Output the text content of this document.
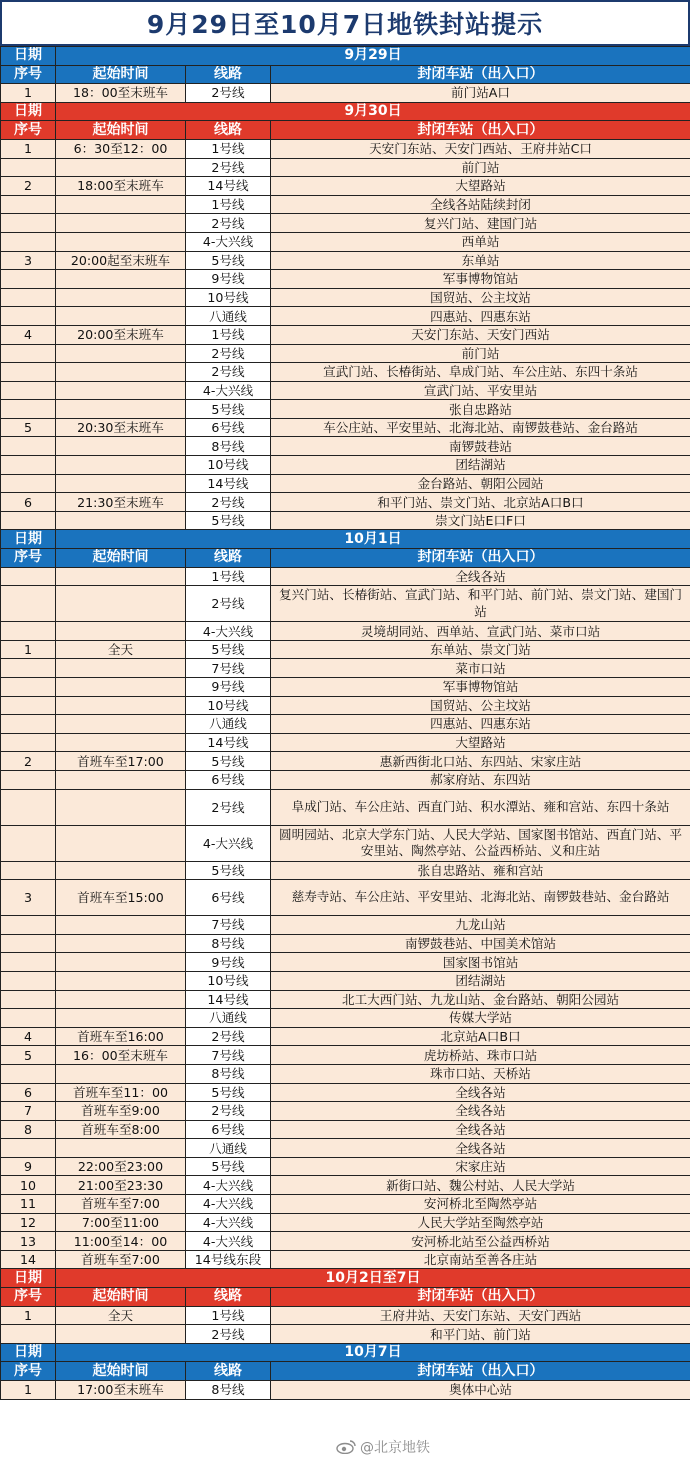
9月29日至10月7日地铁封站提示
日期	9月29日		
序号	起始时间	线路	封闭车站（出入口）
1	18：00至末班车	2号线	前门站A口
日期	9月30日		
序号	起始时间	线路	封闭车站（出入口）
1	6：30至12：00	1号线	天安门东站、天安门西站、王府井站C口
		2号线	前门站
2	18:00至末班车	14号线	大望路站
		1号线	全线各站陆续封闭
		2号线	复兴门站、建国门站
		4-大兴线	西单站
3	20:00起至末班车	5号线	东单站
		9号线	军事博物馆站
		10号线	国贸站、公主坟站
		八通线	四惠站、四惠东站
4	20:00至末班车	1号线	天安门东站、天安门西站
		2号线	前门站
		2号线	宣武门站、长椿街站、阜成门站、车公庄站、东四十条站
		4-大兴线	宣武门站、平安里站
		5号线	张自忠路站
5	20:30至末班车	6号线	车公庄站、平安里站、北海北站、南锣鼓巷站、金台路站
		8号线	南锣鼓巷站
		10号线	团结湖站
		14号线	金台路站、朝阳公园站
6	21:30至末班车	2号线	和平门站、崇文门站、北京站A口B口
		5号线	崇文门站E口F口
日期	10月1日		
序号	起始时间	线路	封闭车站（出入口）
		1号线	全线各站
		2号线	复兴门站、长椿街站、宣武门站、和平门站、前门站、崇文门站、建国门站
		4-大兴线	灵境胡同站、西单站、宣武门站、菜市口站
1	全天	5号线	东单站、崇文门站
		7号线	菜市口站
		9号线	军事博物馆站
		10号线	国贸站、公主坟站
		八通线	四惠站、四惠东站
		14号线	大望路站
2	首班车至17:00	5号线	惠新西街北口站、东四站、宋家庄站
		6号线	郝家府站、东四站
		2号线	阜成门站、车公庄站、西直门站、积水潭站、雍和宫站、东四十条站
		4-大兴线	圆明园站、北京大学东门站、人民大学站、国家图书馆站、西直门站、平安里站、陶然亭站、公益西桥站、义和庄站
		5号线	张自忠路站、雍和宫站
3	首班车至15:00	6号线	慈寿寺站、车公庄站、平安里站、北海北站、南锣鼓巷站、金台路站
		7号线	九龙山站
		8号线	南锣鼓巷站、中国美术馆站
		9号线	国家图书馆站
		10号线	团结湖站
		14号线	北工大西门站、九龙山站、金台路站、朝阳公园站
		八通线	传媒大学站
4	首班车至16:00	2号线	北京站A口B口
5	16：00至末班车	7号线	虎坊桥站、珠市口站
		8号线	珠市口站、天桥站
6	首班车至11：00	5号线	全线各站
7	首班车至9:00	2号线	全线各站
8	首班车至8:00	6号线	全线各站
		八通线	全线各站
9	22:00至23:00	5号线	宋家庄站
10	21:00至23:30	4-大兴线	新街口站、魏公村站、人民大学站
11	首班车至7:00	4-大兴线	安河桥北至陶然亭站
12	7:00至11:00	4-大兴线	人民大学站至陶然亭站
13	11:00至14：00	4-大兴线	安河桥北站至公益西桥站
14	首班车至7:00	14号线东段	北京南站至善各庄站
日期	10月2日至7日		
序号	起始时间	线路	封闭车站（出入口）
1	全天	1号线	王府井站、天安门东站、天安门西站
		2号线	和平门站、前门站
日期	10月7日		
序号	起始时间	线路	封闭车站（出入口）
1	17:00至末班车	8号线	奥体中心站
@北京地铁
